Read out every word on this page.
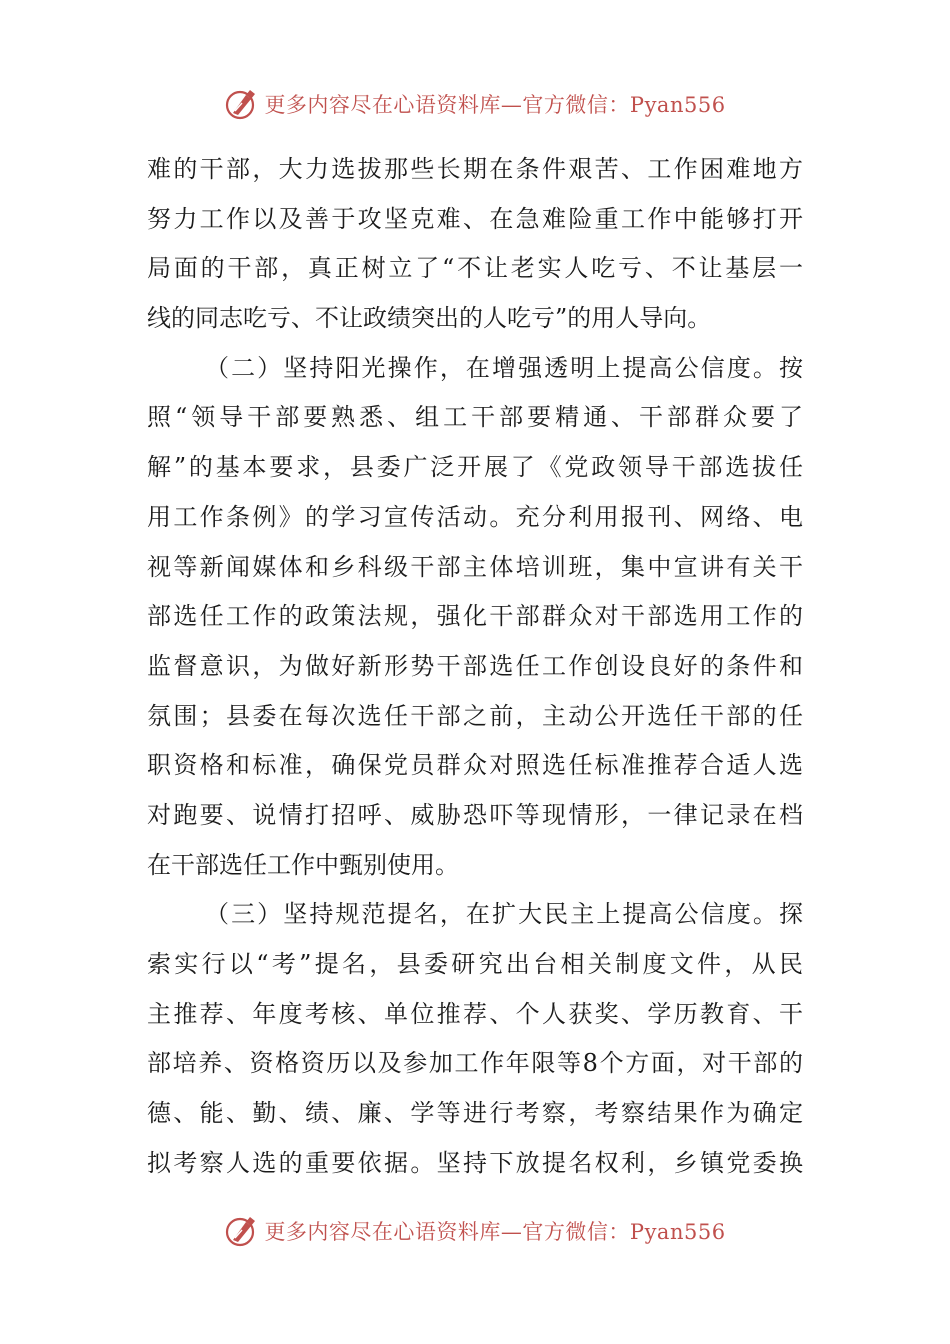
更多内容尽在心语资料库—官方微信：Pyan556
难的干部，大力选拔那些长期在条件艰苦、工作困难地方
努力工作以及善于攻坚克难、在急难险重工作中能够打开
局面的干部，真正树立了“不让老实人吃亏、不让基层一
线的同志吃亏、不让政绩突出的人吃亏”的用人导向。
（二）坚持阳光操作，在增强透明上提高公信度。按
照“领导干部要熟悉、组工干部要精通、干部群众要了
解”的基本要求，县委广泛开展了《党政领导干部选拔任
用工作条例》的学习宣传活动。充分利用报刊、网络、电
视等新闻媒体和乡科级干部主体培训班，集中宣讲有关干
部选任工作的政策法规，强化干部群众对干部选用工作的
监督意识，为做好新形势干部选任工作创设良好的条件和
氛围；县委在每次选任干部之前，主动公开选任干部的任
职资格和标准，确保党员群众对照选任标准推荐合适人选
对跑要、说情打招呼、威胁恐吓等现情形，一律记录在档
在干部选任工作中甄别使用。
（三）坚持规范提名，在扩大民主上提高公信度。探
索实行以“考”提名，县委研究出台相关制度文件，从民
主推荐、年度考核、单位推荐、个人获奖、学历教育、干
部培养、资格资历以及参加工作年限等8个方面，对干部的
德、能、勤、绩、廉、学等进行考察，考察结果作为确定
拟考察人选的重要依据。坚持下放提名权利，乡镇党委换
更多内容尽在心语资料库—官方微信：Pyan556
